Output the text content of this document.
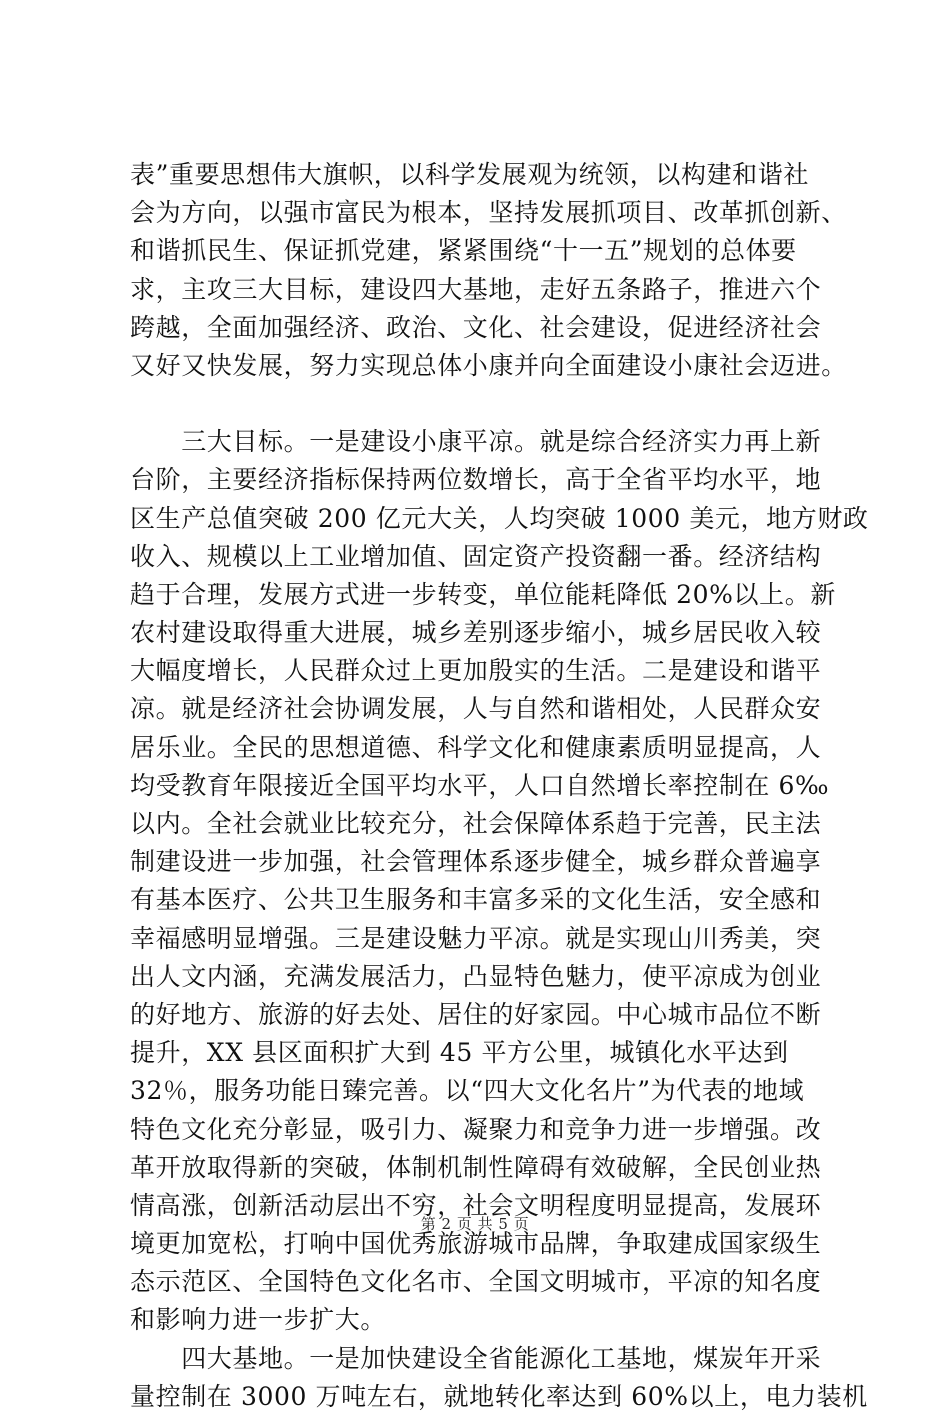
表”重要思想伟大旗帜，以科学发展观为统领，以构建和谐社
会为方向，以强市富民为根本，坚持发展抓项目、改革抓创新、
和谐抓民生、保证抓党建，紧紧围绕“十一五”规划的总体要
求，主攻三大目标，建设四大基地，走好五条路子，推进六个
跨越，全面加强经济、政治、文化、社会建设，促进经济社会
又好又快发展，努力实现总体小康并向全面建设小康社会迈进。
　　三大目标。一是建设小康平凉。就是综合经济实力再上新
台阶，主要经济指标保持两位数增长，高于全省平均水平，地
区生产总值突破 200 亿元大关，人均突破 1000 美元，地方财政
收入、规模以上工业增加值、固定资产投资翻一番。经济结构
趋于合理，发展方式进一步转变，单位能耗降低 20%以上。新
农村建设取得重大进展，城乡差别逐步缩小，城乡居民收入较
大幅度增长，人民群众过上更加殷实的生活。二是建设和谐平
凉。就是经济社会协调发展，人与自然和谐相处，人民群众安
居乐业。全民的思想道德、科学文化和健康素质明显提高，人
均受教育年限接近全国平均水平，人口自然增长率控制在 6‰
以内。全社会就业比较充分，社会保障体系趋于完善，民主法
制建设进一步加强，社会管理体系逐步健全，城乡群众普遍享
有基本医疗、公共卫生服务和丰富多采的文化生活，安全感和
幸福感明显增强。三是建设魅力平凉。就是实现山川秀美，突
出人文内涵，充满发展活力，凸显特色魅力，使平凉成为创业
的好地方、旅游的好去处、居住的好家园。中心城市品位不断
提升，XX 县区面积扩大到 45 平方公里，城镇化水平达到
32％，服务功能日臻完善。以“四大文化名片”为代表的地域
特色文化充分彰显，吸引力、凝聚力和竞争力进一步增强。改
革开放取得新的突破，体制机制性障碍有效破解，全民创业热
情高涨，创新活动层出不穷，社会文明程度明显提高，发展环
境更加宽松，打响中国优秀旅游城市品牌，争取建成国家级生
态示范区、全国特色文化名市、全国文明城市，平凉的知名度
和影响力进一步扩大。
　　四大基地。一是加快建设全省能源化工基地，煤炭年开采
量控制在 3000 万吨左右，就地转化率达到 60%以上，电力装机
第 2 页 共 5 页
